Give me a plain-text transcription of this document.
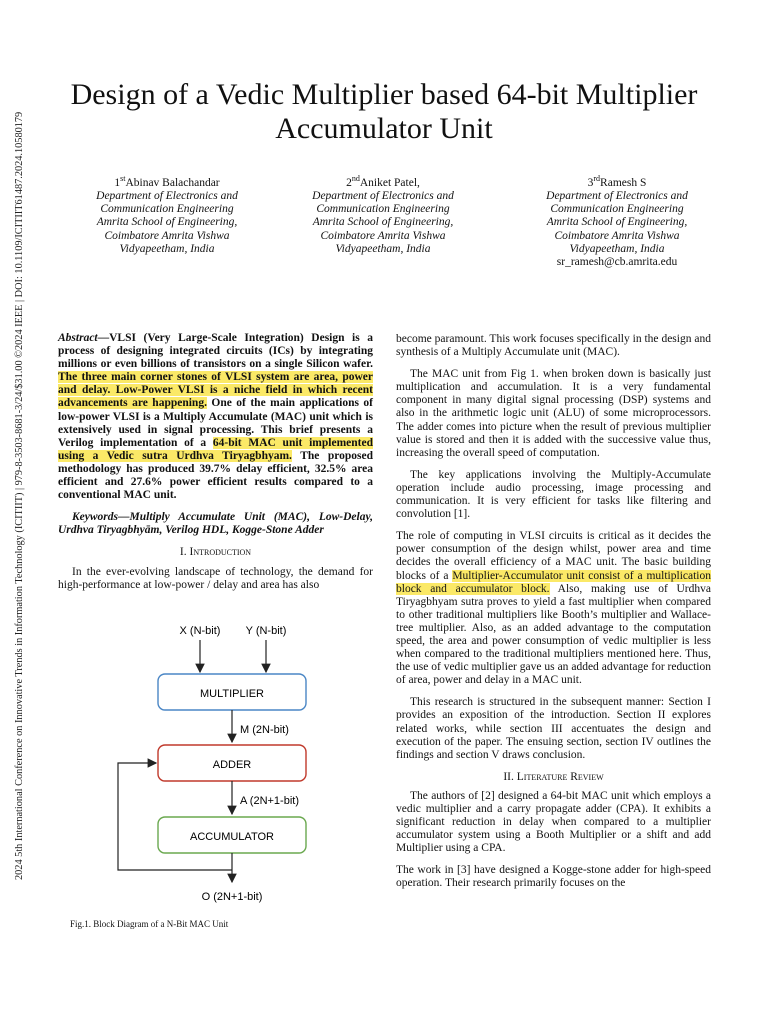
2024 5th International Conference on Innovative Trends in Information Technology (ICITIIT) | 979-8-3503-8681-3/24/$31.00 ©2024 IEEE | DOI: 10.1109/ICITIIT61487.2024.10580179
Design of a Vedic Multiplier based 64-bit Multiplier
Accumulator Unit
1stAbinav Balachandar
Department of Electronics and
Communication Engineering
Amrita School of Engineering,
Coimbatore Amrita Vishwa
Vidyapeetham, India
2ndAniket Patel,
Department of Electronics and
Communication Engineering
Amrita School of Engineering,
Coimbatore Amrita Vishwa
Vidyapeetham, India
3rdRamesh S
Department of Electronics and
Communication Engineering
Amrita School of Engineering,
Coimbatore Amrita Vishwa
Vidyapeetham, India
sr_ramesh@cb.amrita.edu

Abstract—VLSI (Very Large-Scale Integration) Design is a process of designing integrated circuits (ICs) by integrating millions or even billions of transistors on a single Silicon wafer. The three main corner stones of VLSI system are area, power and delay. Low-Power VLSI is a niche field in which recent advancements are happening. One of the main applications of low-power VLSI is a Multiply Accumulate (MAC) unit which is extensively used in signal processing. This brief presents a Verilog implementation of a 64-bit MAC unit implemented using a Vedic sutra Urdhva Tiryagbhyam. The proposed methodology has produced 39.7% delay efficient, 32.5% area efficient and 27.6% power efficient results compared to a conventional MAC unit.

Keywords—Multiply Accumulate Unit (MAC), Low-Delay, Urdhva Tiryagbhyām, Verilog HDL, Kogge-Stone Adder

I. Introduction

In the ever-evolving landscape of technology, the demand for high-performance at low-power / delay and area has also

X (N-bit) Y (N-bit)
MULTIPLIER
M (2N-bit)
ADDER
A (2N+1-bit)
ACCUMULATOR
O (2N+1-bit)
Fig.1. Block Diagram of a N-Bit MAC Unit

become paramount. This work focuses specifically in the design and synthesis of a Multiply Accumulate unit (MAC).

The MAC unit from Fig 1. when broken down is basically just multiplication and accumulation. It is a very fundamental component in many digital signal processing (DSP) systems and also in the arithmetic logic unit (ALU) of some microprocessors. The adder comes into picture when the result of previous multiplier value is stored and then it is added with the successive value thus, increasing the overall speed of computation.

The key applications involving the Multiply-Accumulate operation include audio processing, image processing and communication. It is very efficient for tasks like filtering and convolution [1].

The role of computing in VLSI circuits is critical as it decides the power consumption of the design whilst, power area and time decides the overall efficiency of a MAC unit. The basic building blocks of a Multiplier-Accumulator unit consist of a multiplication block and accumulator block. Also, making use of Urdhva Tiryagbhyam sutra proves to yield a fast multiplier when compared to other traditional multipliers like Booth’s multiplier and Wallace-tree multiplier. Also, as an added advantage to the computation speed, the area and power consumption of vedic multiplier is less when compared to the traditional multipliers mentioned here. Thus, the use of vedic multiplier gave us an added advantage for reduction of area, power and delay in a MAC unit.

This research is structured in the subsequent manner: Section I provides an exposition of the introduction. Section II explores related works, while section III accentuates the design and execution of the paper. The ensuing section, section IV outlines the findings and section V draws conclusion.

II. Literature Review

The authors of [2] designed a 64-bit MAC unit which employs a vedic multiplier and a carry propagate adder (CPA). It exhibits a significant reduction in delay when compared to a multiplier accumulator system using a Booth Multiplier or a shift and add Multiplier using a CPA.

The work in [3] have designed a Kogge-stone adder for high-speed operation. Their research primarily focuses on the
